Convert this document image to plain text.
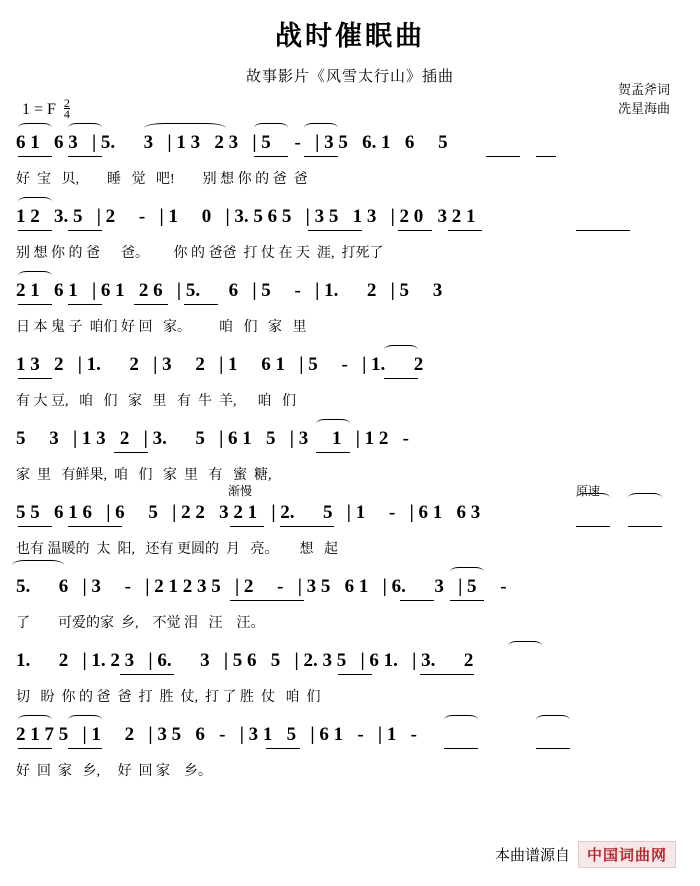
战时催眠曲
故事影片《风雪太行山》插曲
贺孟斧词
冼星海曲
1 = F $\frac{2}{4}$
6 1   6 3   | 5.      3   | 1 3   2 3   | 5     -   | 3 5   6. 1   6     5
好  宝   贝,        睡   觉   吧!        别 想 你 的 爸  爸
1 2   3. 5   | 2     -   | 1     0   | 3. 5 6 5   | 3 5   1 3   | 2 0   3 2 1
别 想 你 的 爸      爸。       你 的 爸爸  打 仗 在 天  涯,  打死了
2 1   6 1   | 6 1   2 6   | 5.      6   | 5     -   | 1.      2   | 5     3
日 本 鬼 子  咱们 好 回   家。        咱   们   家   里
1 3   2   | 1.      2   | 3     2   | 1     6 1   | 5     -   | 1.      2
有 大 豆,   咱   们   家   里   有  牛  羊,      咱   们
5     3   | 1 3   2   | 3.      5   | 6 1   5   | 3     1   | 1 2   -
家  里   有鲜果,  咱   们   家  里   有   蜜  糖,
渐慢	原速
5 5   6 1 6   | 6     5   | 2 2   3 2 1   | 2.      5   | 1     -   | 6 1   6 3
也有 温暖的  太  阳,   还有 更圆的  月   亮。      想   起
5.      6   | 3     -   | 2 1 2 3 5   | 2     -   | 3 5   6 1   | 6.      3   | 5     -
了        可爱的家  乡,    不觉 泪   汪    汪。
1.      2   | 1. 2 3   | 6.      3   | 5 6   5   | 2. 3 5   | 6 1.   | 3.      2
切   盼  你 的 爸  爸  打  胜  仗,  打 了 胜  仗   咱  们
2 1 7 5   | 1     2   | 3 5   6   -   | 3 1   5   | 6 1   -   | 1   -
好  回  家   乡,     好  回 家    乡。
本曲谱源自	中国词曲网
